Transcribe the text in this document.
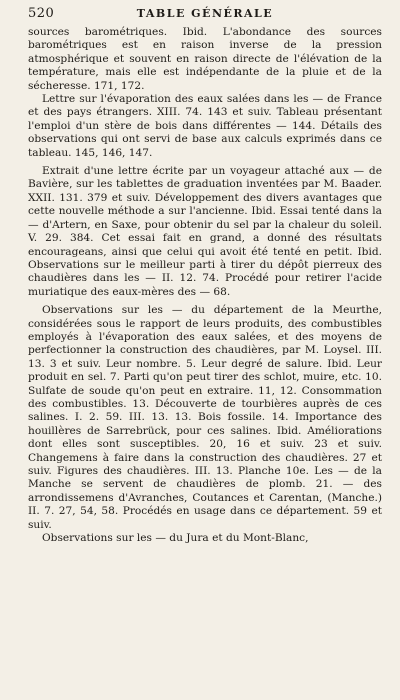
520	TABLE GÉNÉRALE

sources barométriques. Ibid. L'abondance des sources barométriques est en raison inverse de la pression atmosphérique et souvent en raison directe de l'élévation de la température, mais elle est indépendante de la pluie et de la sécheresse. 171, 172.

Lettre sur l'évaporation des eaux salées dans les — de France et des pays étrangers. XIII. 74. 143 et suiv. Tableau présentant l'emploi d'un stère de bois dans différentes — 144. Détails des observations qui ont servi de base aux calculs exprimés dans ce tableau. 145, 146, 147.

Extrait d'une lettre écrite par un voyageur attaché aux — de Bavière, sur les tablettes de graduation inventées par M. Baader. XXII. 131. 379 et suiv. Développement des divers avantages que cette nouvelle méthode a sur l'ancienne. Ibid. Essai tenté dans la — d'Artern, en Saxe, pour obtenir du sel par la chaleur du soleil. V. 29. 384. Cet essai fait en grand, a donné des résultats encourageans, ainsi que celui qui avoit été tenté en petit. Ibid. Observations sur le meilleur parti à tirer du dépôt pierreux des chaudières dans les — II. 12. 74. Procédé pour retirer l'acide muriatique des eaux-mères des — 68.

Observations sur les — du département de la Meurthe, considérées sous le rapport de leurs produits, des combustibles employés à l'évaporation des eaux salées, et des moyens de perfectionner la construction des chaudières, par M. Loysel. III. 13. 3 et suiv. Leur nombre. 5. Leur degré de salure. Ibid. Leur produit en sel. 7. Parti qu'on peut tirer des schlot, muire, etc. 10. Sulfate de soude qu'on peut en extraire. 11, 12. Consommation des combustibles. 13. Découverte de tourbières auprès de ces salines. I. 2. 59. III. 13. 13. Bois fossile. 14. Importance des houillères de Sarrebrück, pour ces salines. Ibid. Améliorations dont elles sont susceptibles. 20, 16 et suiv. 23 et suiv. Changemens à faire dans la construction des chaudières. 27 et suiv. Figures des chaudières. III. 13. Planche 10e. Les — de la Manche se servent de chaudières de plomb. 21. — des arrondissemens d'Avranches, Coutances et Carentan, (Manche.) II. 7. 27, 54, 58. Procédés en usage dans ce département. 59 et suiv.

Observations sur les — du Jura et du Mont-Blanc,
